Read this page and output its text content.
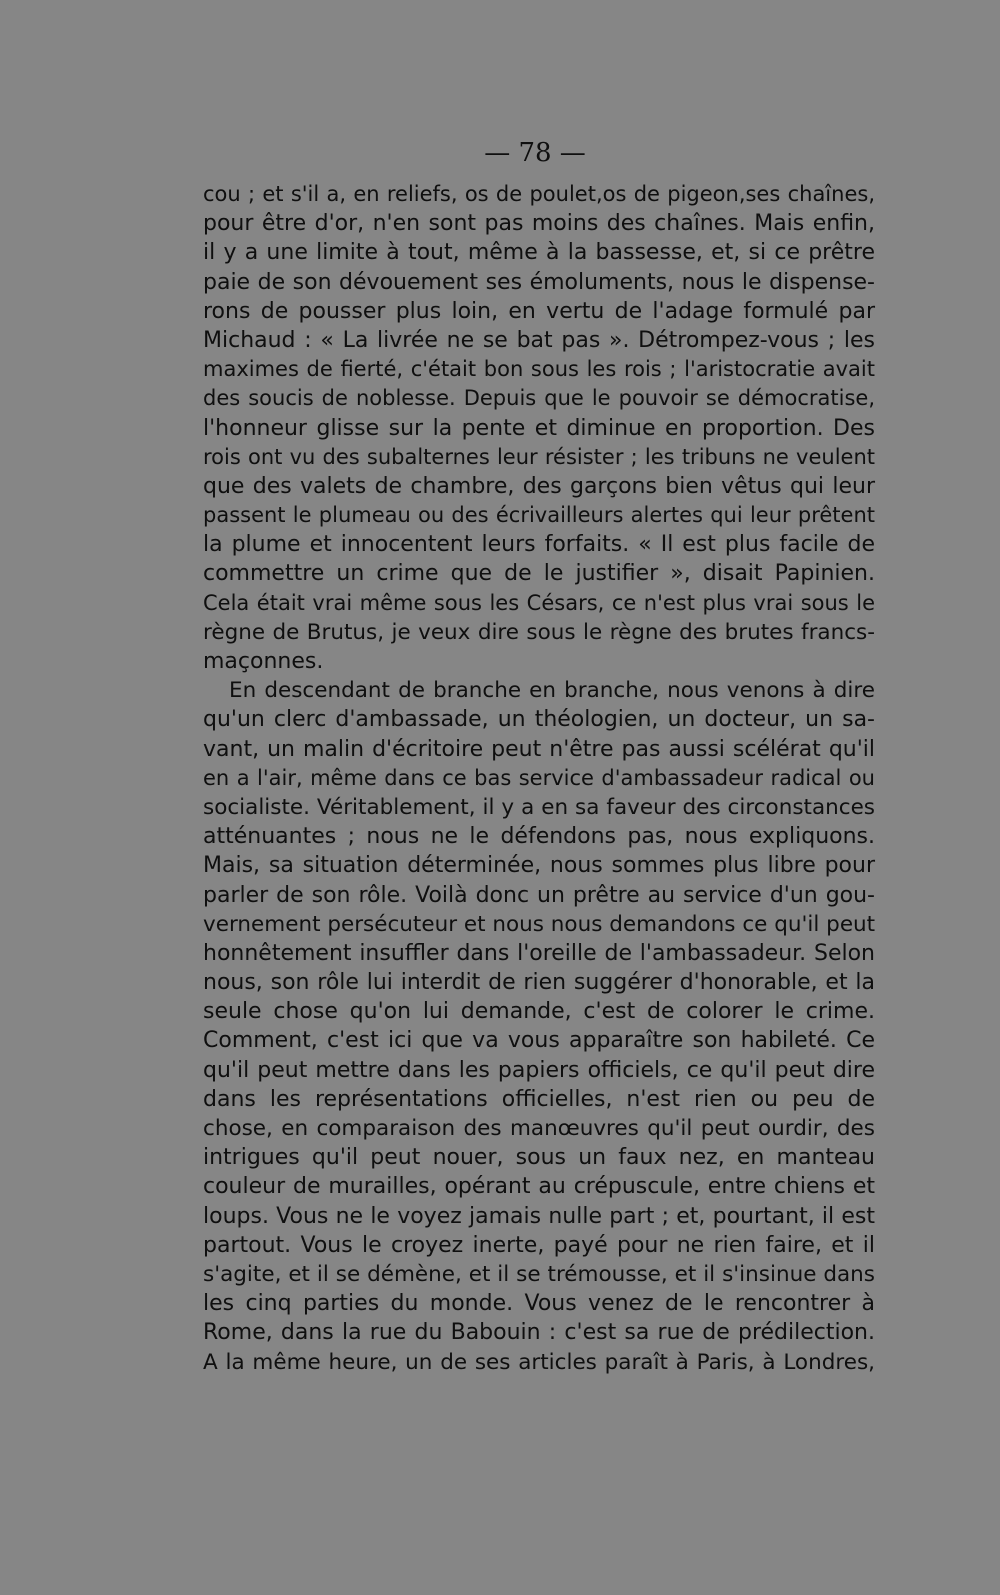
— 78 —
cou ; et s'il a, en reliefs, os de poulet,os de pigeon,ses chaînes,
pour être d'or, n'en sont pas moins des chaînes. Mais enfin,
il y a une limite à tout, même à la bassesse, et, si ce prêtre
paie de son dévouement ses émoluments, nous le dispense-
rons de pousser plus loin, en vertu de l'adage formulé par
Michaud : « La livrée ne se bat pas ». Détrompez-vous ; les
maximes de fierté, c'était bon sous les rois ; l'aristocratie avait
des soucis de noblesse. Depuis que le pouvoir se démocratise,
l'honneur glisse sur la pente et diminue en proportion. Des
rois ont vu des subalternes leur résister ; les tribuns ne veulent
que des valets de chambre, des garçons bien vêtus qui leur
passent le plumeau ou des écrivailleurs alertes qui leur prêtent
la plume et innocentent leurs forfaits. « Il est plus facile de
commettre un crime que de le justifier », disait Papinien.
Cela était vrai même sous les Césars, ce n'est plus vrai sous le
règne de Brutus, je veux dire sous le règne des brutes francs-
maçonnes.
En descendant de branche en branche, nous venons à dire
qu'un clerc d'ambassade, un théologien, un docteur, un sa-
vant, un malin d'écritoire peut n'être pas aussi scélérat qu'il
en a l'air, même dans ce bas service d'ambassadeur radical ou
socialiste. Véritablement, il y a en sa faveur des circonstances
atténuantes ; nous ne le défendons pas, nous expliquons.
Mais, sa situation déterminée, nous sommes plus libre pour
parler de son rôle. Voilà donc un prêtre au service d'un gou-
vernement persécuteur et nous nous demandons ce qu'il peut
honnêtement insuffler dans l'oreille de l'ambassadeur. Selon
nous, son rôle lui interdit de rien suggérer d'honorable, et la
seule chose qu'on lui demande, c'est de colorer le crime.
Comment, c'est ici que va vous apparaître son habileté. Ce
qu'il peut mettre dans les papiers officiels, ce qu'il peut dire
dans les représentations officielles, n'est rien ou peu de
chose, en comparaison des manœuvres qu'il peut ourdir, des
intrigues qu'il peut nouer, sous un faux nez, en manteau
couleur de murailles, opérant au crépuscule, entre chiens et
loups. Vous ne le voyez jamais nulle part ; et, pourtant, il est
partout. Vous le croyez inerte, payé pour ne rien faire, et il
s'agite, et il se démène, et il se trémousse, et il s'insinue dans
les cinq parties du monde. Vous venez de le rencontrer à
Rome, dans la rue du Babouin : c'est sa rue de prédilection.
A la même heure, un de ses articles paraît à Paris, à Londres,
